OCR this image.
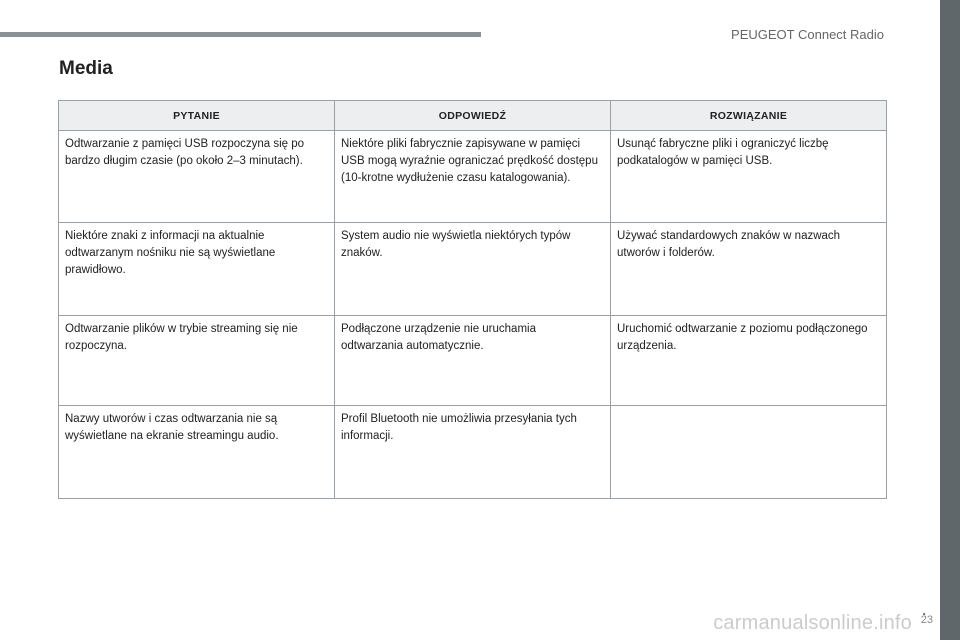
PEUGEOT Connect Radio
Media
PYTANIE	ODPOWIEDŹ	ROZWIĄZANIE
Odtwarzanie z pamięci USB rozpoczyna się po bardzo długim czasie (po około 2–3 minutach).	Niektóre pliki fabrycznie zapisywane w pamięci USB mogą wyraźnie ograniczać prędkość dostępu (10-krotne wydłużenie czasu katalogowania).	Usunąć fabryczne pliki i ograniczyć liczbę podkatalogów w pamięci USB.
Niektóre znaki z informacji na aktualnie odtwarzanym nośniku nie są wyświetlane prawidłowo.	System audio nie wyświetla niektórych typów znaków.	Używać standardowych znaków w nazwach utworów i folderów.
Odtwarzanie plików w trybie streaming się nie rozpoczyna.	Podłączone urządzenie nie uruchamia odtwarzania automatycznie.	Uruchomić odtwarzanie z poziomu podłączonego urządzenia.
Nazwy utworów i czas odtwarzania nie są wyświetlane na ekranie streamingu audio.	Profil Bluetooth nie umożliwia przesyłania tych informacji.	
carmanualsonline.info
.
23
